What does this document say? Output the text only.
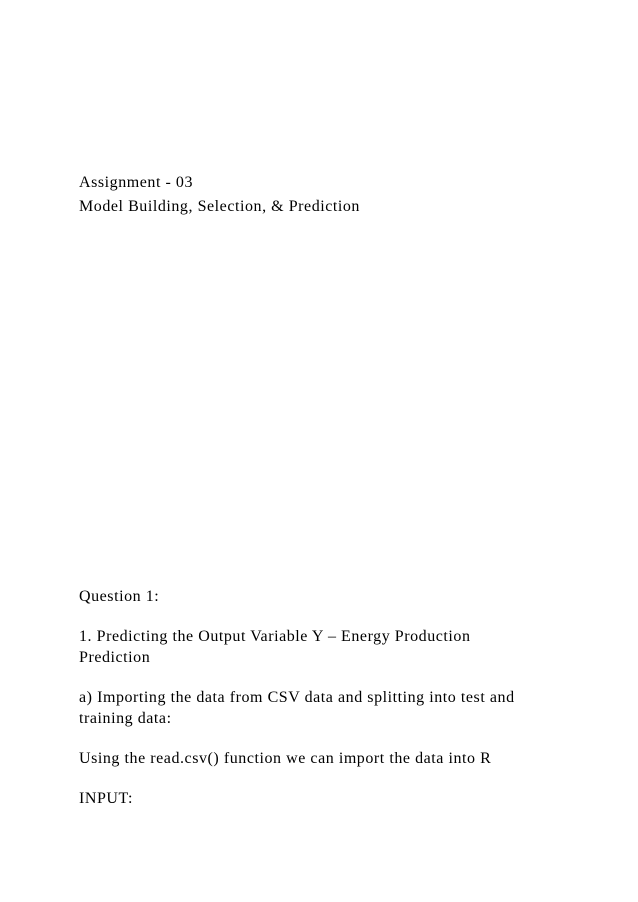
Assignment - 03

Model Building, Selection, & Prediction

Question 1:

1. Predicting the Output Variable Y – Energy Production

Prediction

a) Importing the data from CSV data and splitting into test and

training data:

Using the read.csv() function we can import the data into R

INPUT:
